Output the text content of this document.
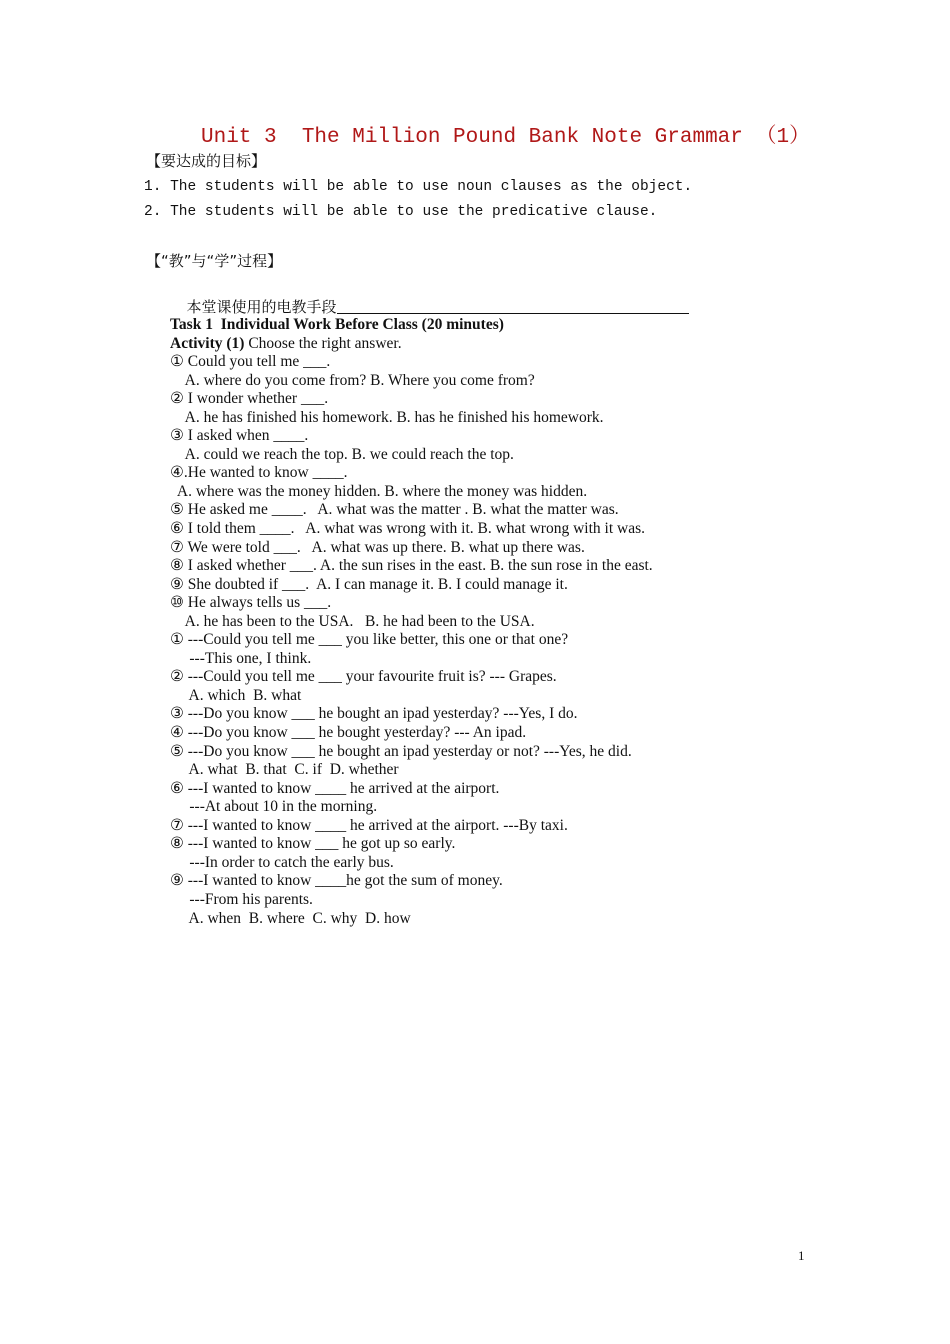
Unit 3  The Million Pound Bank Note Grammar （1）
【要达成的目标】
1. The students will be able to use noun clauses as the object.
2. The students will be able to use the predicative clause.
【“教”与“学”过程】

本堂课使用的电教手段

Task 1  Individual Work Before Class (20 minutes)
Activity (1) Choose the right answer.
① Could you tell me ___.
A. where do you come from? B. Where you come from?
② I wonder whether ___.
A. he has finished his homework. B. has he finished his homework.
③ I asked when ____.
A. could we reach the top. B. we could reach the top.
④.He wanted to know ____.
A. where was the money hidden. B. where the money was hidden.
⑤ He asked me ____.   A. what was the matter . B. what the matter was.
⑥ I told them ____.   A. what was wrong with it. B. what wrong with it was.
⑦ We were told ___.   A. what was up there. B. what up there was.
⑧ I asked whether ___. A. the sun rises in the east. B. the sun rose in the east.
⑨ She doubted if ___.  A. I can manage it. B. I could manage it.
⑩ He always tells us ___.
A. he has been to the USA.   B. he had been to the USA.
① ---Could you tell me ___ you like better, this one or that one?
---This one, I think.
② ---Could you tell me ___ your favourite fruit is? --- Grapes.
A. which  B. what
③ ---Do you know ___ he bought an ipad yesterday? ---Yes, I do.
④ ---Do you know ___ he bought yesterday? --- An ipad.
⑤ ---Do you know ___ he bought an ipad yesterday or not? ---Yes, he did.
A. what  B. that  C. if  D. whether
⑥ ---I wanted to know ____ he arrived at the airport.
---At about 10 in the morning.
⑦ ---I wanted to know ____ he arrived at the airport. ---By taxi.
⑧ ---I wanted to know ___ he got up so early.
---In order to catch the early bus.
⑨ ---I wanted to know ____he got the sum of money.
---From his parents.
A. when  B. where  C. why  D. how
1
